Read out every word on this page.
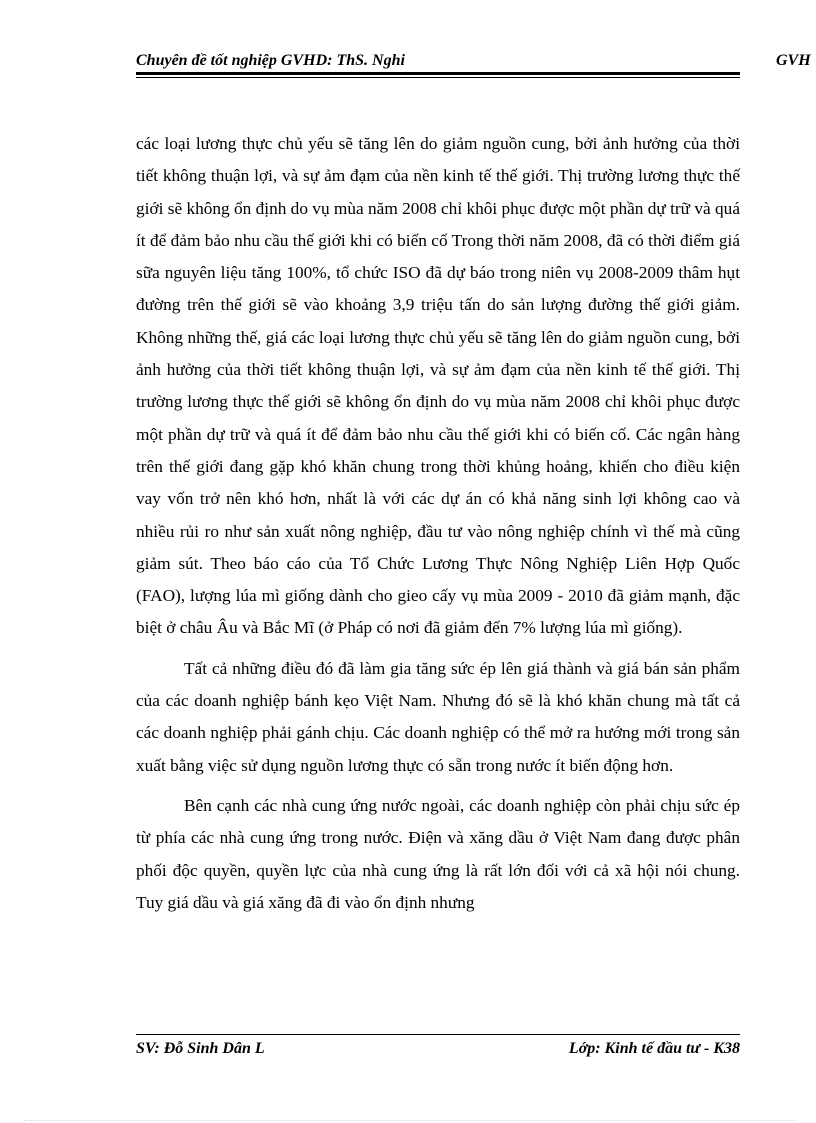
Chuyên đề tốt nghiệp GVHD: ThS. Nghi	GVH

các loại lương thực chủ yếu sẽ tăng lên do giảm nguồn cung, bởi ảnh hưởng của thời tiết không thuận lợi, và sự ảm đạm của nền kinh tế thế giới. Thị trường lương thực thế giới sẽ không ổn định do vụ mùa năm 2008 chỉ khôi phục được một phần dự trữ và quá ít để đảm bảo nhu cầu thế giới khi có biến cố Trong thời năm 2008, đã có thời điểm giá sữa nguyên liệu tăng 100%, tổ chức ISO đã dự báo trong niên vụ 2008-2009 thâm hụt đường trên thế giới sẽ vào khoảng 3,9 triệu tấn do sản lượng đường thế giới giảm. Không những thế, giá các loại lương thực chủ yếu sẽ tăng lên do giảm nguồn cung, bởi ảnh hưởng của thời tiết không thuận lợi, và sự ảm đạm của nền kinh tế thế giới. Thị trường lương thực thế giới sẽ không ổn định do vụ mùa năm 2008 chỉ khôi phục được một phần dự trữ và quá ít để đảm bảo nhu cầu thế giới khi có biến cố. Các ngân hàng trên thế giới đang gặp khó khăn chung trong thời khủng hoảng, khiến cho điều kiện vay vốn trở nên khó hơn, nhất là với các dự án có khả năng sinh lợi không cao và nhiều rủi ro như sản xuất nông nghiệp, đầu tư vào nông nghiệp chính vì thế mà cũng giảm sút. Theo báo cáo của Tổ Chức Lương Thực Nông Nghiệp Liên Hợp Quốc (FAO), lượng lúa mì giống dành cho gieo cấy vụ mùa 2009 - 2010 đã giảm mạnh, đặc biệt ở châu Âu và Bắc Mĩ (ở Pháp có nơi đã giảm đến 7% lượng lúa mì giống).

Tất cả những điều đó đã làm gia tăng sức ép lên giá thành và giá bán sản phẩm của các doanh nghiệp bánh kẹo Việt Nam. Nhưng đó sẽ là khó khăn chung mà tất cả các doanh nghiệp phải gánh chịu. Các doanh nghiệp có thể mở ra hướng mới trong sản xuất bằng việc sử dụng nguồn lương thực có sẵn trong nước ít biến động hơn.

Bên cạnh các nhà cung ứng nước ngoài, các doanh nghiệp còn phải chịu sức ép từ phía các nhà cung ứng trong nước. Điện và xăng dầu ở Việt Nam đang được phân phối độc quyền, quyền lực của nhà cung ứng là rất lớn đối với cả xã hội nói chung. Tuy giá dầu và giá xăng đã đi vào ổn định nhưng

SV: Đỗ Sinh Dân L	Lớp: Kinh tế đầu tư - K38
